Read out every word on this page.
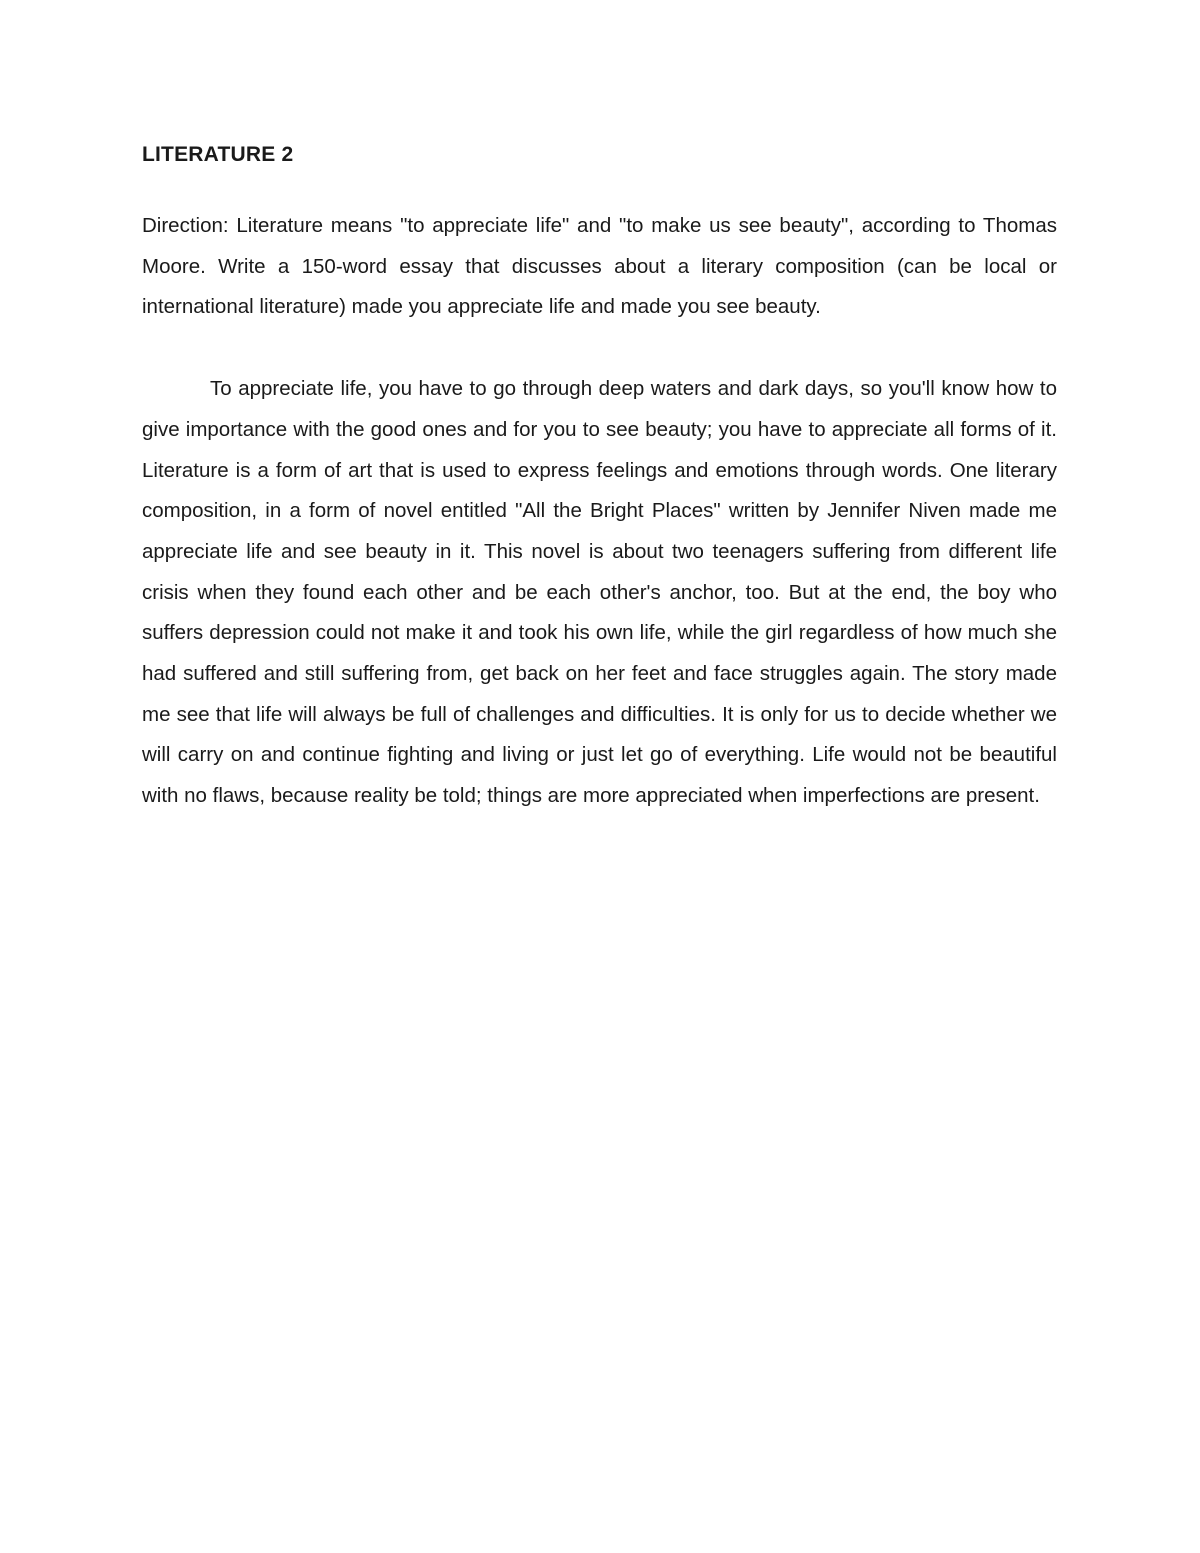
LITERATURE 2

Direction: Literature means "to appreciate life" and "to make us see beauty", according to Thomas Moore. Write a 150-word essay that discusses about a literary composition (can be local or international literature) made you appreciate life and made you see beauty.

To appreciate life, you have to go through deep waters and dark days, so you'll know how to give importance with the good ones and for you to see beauty; you have to appreciate all forms of it. Literature is a form of art that is used to express feelings and emotions through words. One literary composition, in a form of novel entitled "All the Bright Places" written by Jennifer Niven made me appreciate life and see beauty in it. This novel is about two teenagers suffering from different life crisis when they found each other and be each other's anchor, too. But at the end, the boy who suffers depression could not make it and took his own life, while the girl regardless of how much she had suffered and still suffering from, get back on her feet and face struggles again. The story made me see that life will always be full of challenges and difficulties. It is only for us to decide whether we will carry on and continue fighting and living or just let go of everything. Life would not be beautiful with no flaws, because reality be told; things are more appreciated when imperfections are present.
